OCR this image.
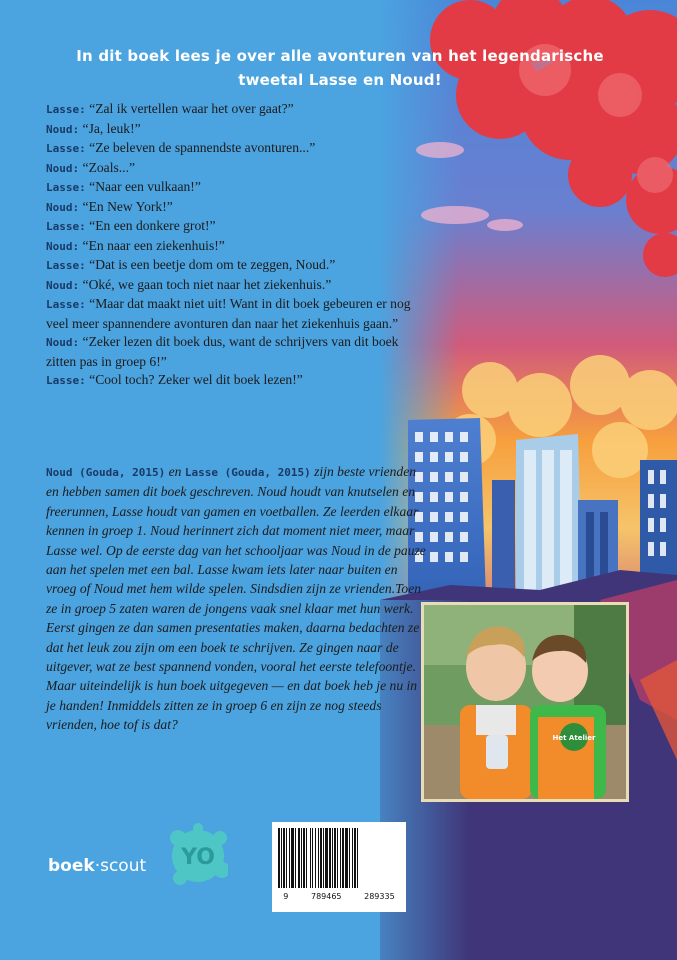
In dit boek lees je over alle avonturen van het legendarische
tweetal Lasse en Noud!
Lasse: “Zal ik vertellen waar het over gaat?”
Noud: “Ja, leuk!”
Lasse: “Ze beleven de spannendste avonturen...”
Noud: “Zoals...”
Lasse: “Naar een vulkaan!”
Noud: “En New York!”
Lasse: “En een donkere grot!”
Noud: “En naar een ziekenhuis!”
Lasse: “Dat is een beetje dom om te zeggen, Noud.”
Noud: “Oké, we gaan toch niet naar het ziekenhuis.”
Lasse: “Maar dat maakt niet uit! Want in dit boek gebeuren er nog veel meer spannendere avonturen dan naar het ziekenhuis gaan.”
Noud: “Zeker lezen dit boek dus, want de schrijvers van dit boek zitten pas in groep 6!”
Lasse: “Cool toch? Zeker wel dit boek lezen!”
Noud (Gouda, 2015) en Lasse (Gouda, 2015) zijn beste vrienden en hebben samen dit boek geschreven. Noud houdt van knutselen en freerunnen, Lasse houdt van gamen en voetballen. Ze leerden elkaar kennen in groep 1. Noud herinnert zich dat moment niet meer, maar Lasse wel. Op de eerste dag van het schooljaar was Noud in de pauze aan het spelen met een bal. Lasse kwam iets later naar buiten en vroeg of Noud met hem wilde spelen. Sindsdien zijn ze vrienden.Toen ze in groep 5 zaten waren de jongens vaak snel klaar met hun werk. Eerst gingen ze dan samen presentaties maken, daarna bedachten ze dat het leuk zou zijn om een boek te schrijven. Ze gingen naar de uitgever, wat ze best spannend vonden, vooral het eerste telefoontje. Maar uiteindelijk is hun boek uitgegeven — en dat boek heb je nu in je handen! Inmiddels zitten ze in groep 6 en zijn ze nog steeds vrienden, hoe tof is dat?
Het Atelier
9	789465	289335
YO
boek·scout
